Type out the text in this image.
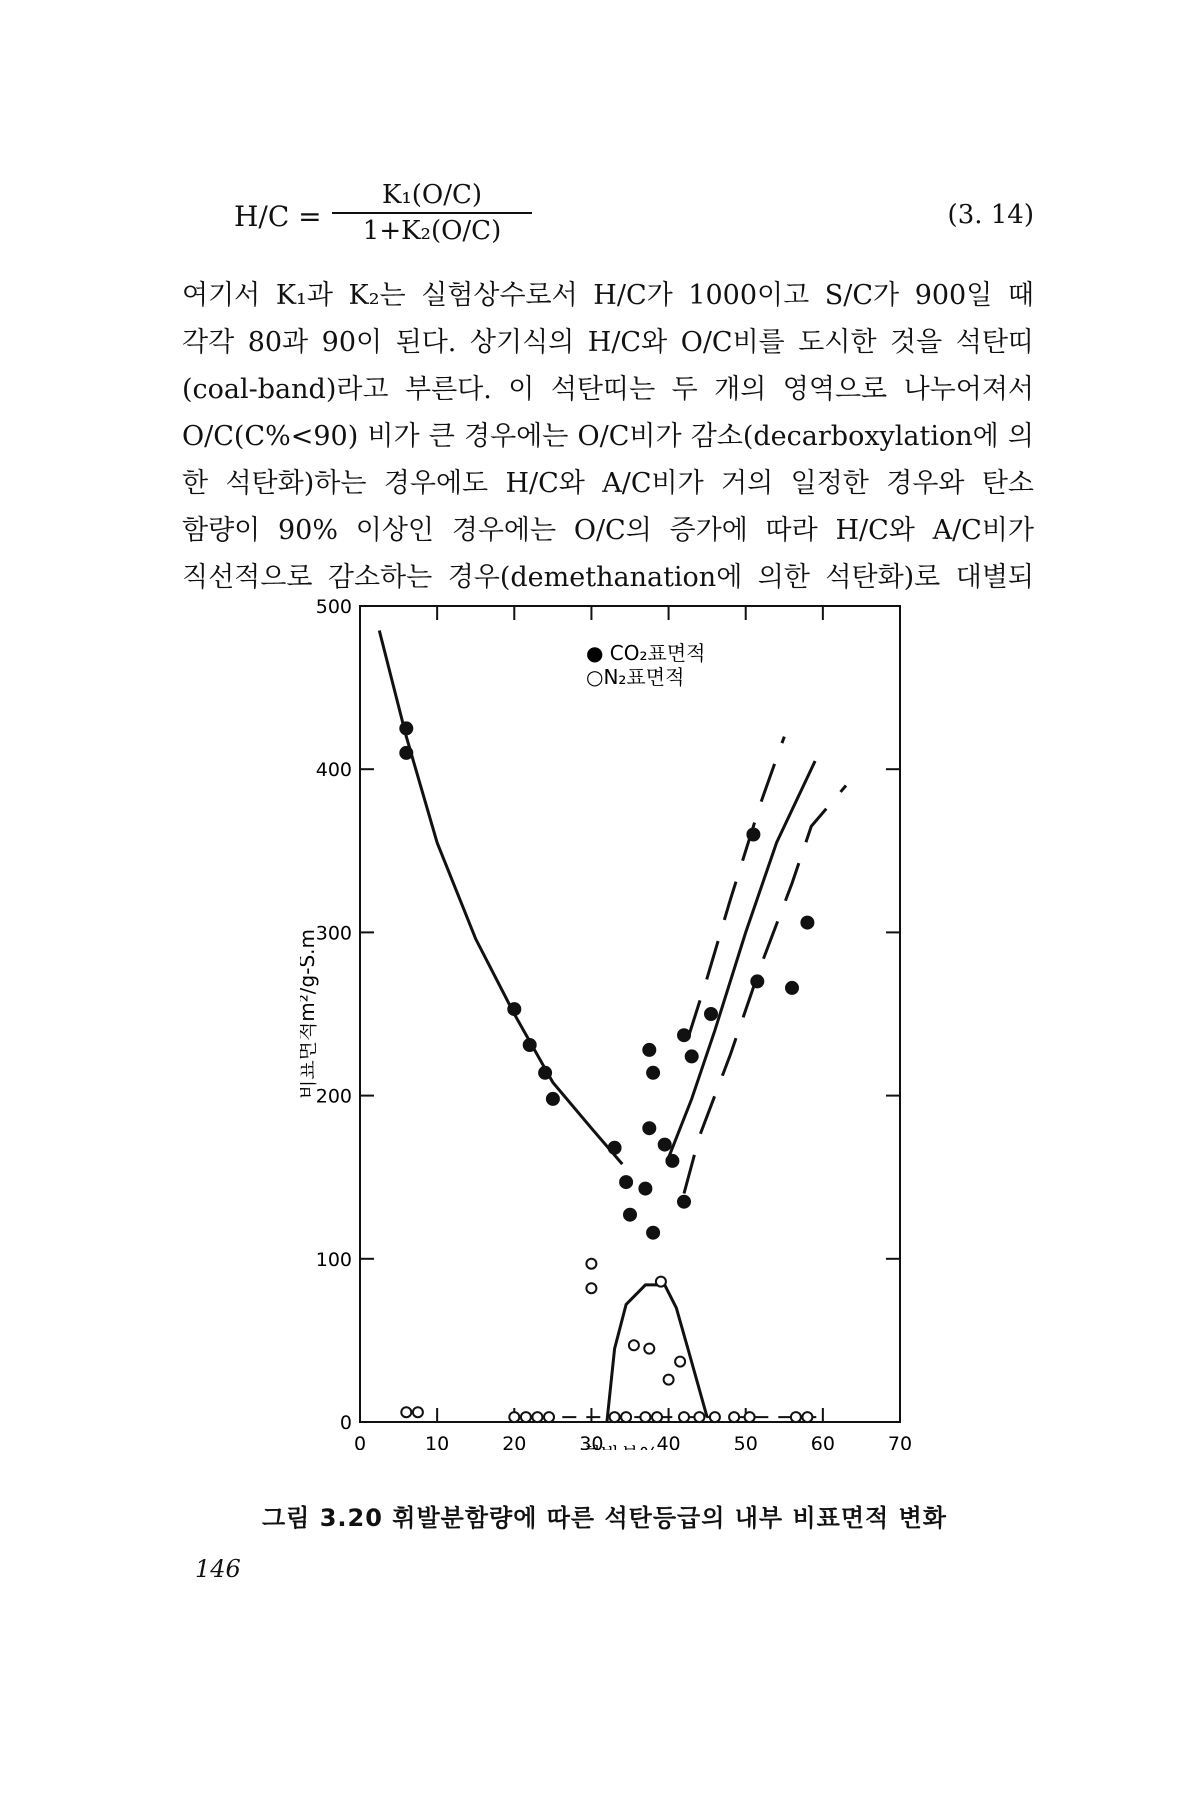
H/C =
K₁(O/C)
1+K₂(O/C)
(3. 14)
여기서 K₁과 K₂는 실험상수로서 H/C가 1000이고 S/C가 900일 때
각각 80과 90이 된다. 상기식의 H/C와 O/C비를 도시한 것을 석탄띠
(coal-band)라고 부른다. 이 석탄띠는 두 개의 영역으로 나누어져서
O/C(C%<90) 비가 큰 경우에는 O/C비가 감소(decarboxylation에 의
한 석탄화)하는 경우에도 H/C와 A/C비가 거의 일정한 경우와 탄소
함량이 90% 이상인 경우에는 O/C의 증가에 따라 H/C와 A/C비가
직선적으로 감소하는 경우(demethanation에 의한 석탄화)로 대별되
0
100
200
300
400
500
0	10	20	30	40	50	60	70
● CO₂표면적
○N₂표면적
비표면적m²/g-S.m
그림 3.20 휘발분함량에 따른 석탄등급의 내부 비표면적 변화
146
